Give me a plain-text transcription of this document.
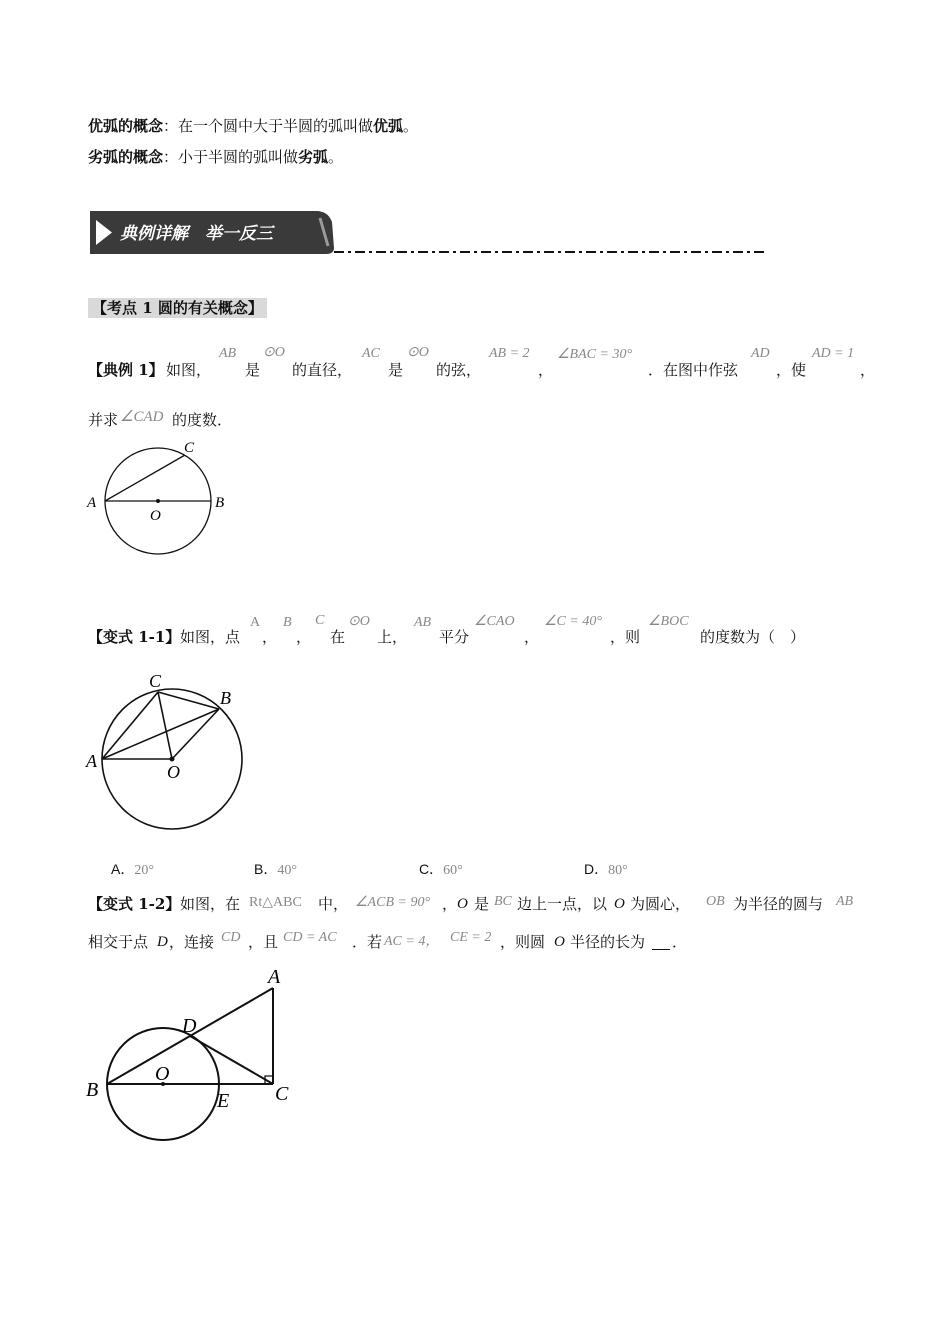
优弧的概念：在一个圆中大于半圆的弧叫做优弧。
劣弧的概念：小于半圆的弧叫做劣弧。
典例详解　举一反三
【考点 1 圆的有关概念】
【典例 1】 如图，
AB
是
⊙O
的直径，
AC
是
⊙O
的弦，
AB = 2
，
∠BAC = 30°
．在图中作弦
AD
，使
AD = 1
，
并求 ∠CAD 的度数．
A	B
C
O
【变式 1-1】 如图，点
A
，
B
，
C
在
⊙O
上，
AB
平分
∠CAO
，
∠C = 40°
，则
∠BOC
的度数为（　）
A
B
C
O
A．20°	B．40°	C．60°	D．80°
【变式 1-2】 如图，在 Rt△ABC 中， ∠ACB = 90° ， O 是 BC 边上一点，以 O 为圆心， OB 为半径的圆与 AB
相交于点 D ，连接 CD ，且 CD = AC ．若 AC = 4， CE = 2 ，则圆 O 半径的长为 ．
B
A
C
D
E
O
